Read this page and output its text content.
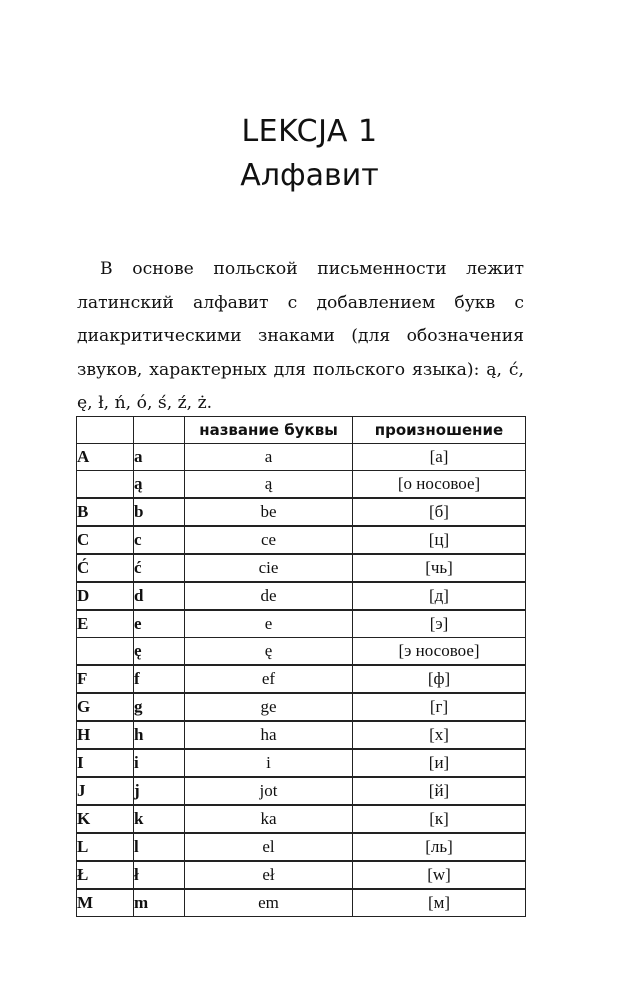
LEKCJA 1
Алфавит

В основе польской письменности лежит латинский алфавит с добавлением букв с диакритическими знаками (для обозначения звуков, характерных для польского языка): ą, ć, ę, ł, ń, ó, ś, ź, ż.

		название буквы	произношение
A	a	a	[а]
	ą	ą	[о носовое]
B	b	be	[б]
C	c	ce	[ц]
Ć	ć	cie	[чь]
D	d	de	[д]
E	e	e	[э]
	ę	ę	[э носовое]
F	f	ef	[ф]
G	g	ge	[г]
H	h	ha	[х]
I	i	i	[и]
J	j	jot	[й]
K	k	ka	[к]
L	l	el	[ль]
Ł	ł	eł	[w]
M	m	em	[м]
